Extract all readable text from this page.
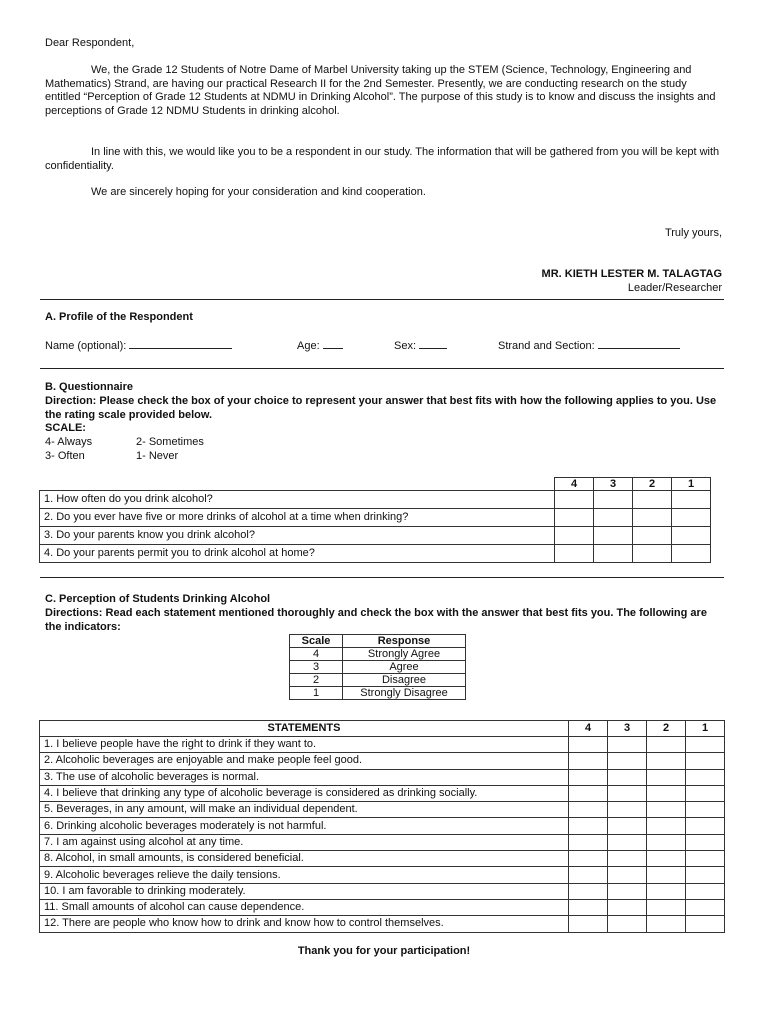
Dear Respondent,

We, the Grade 12 Students of Notre Dame of Marbel University taking up the STEM (Science, Technology, Engineering and Mathematics) Strand, are having our practical Research II for the 2nd Semester. Presently, we are conducting research on the study entitled “Perception of Grade 12 Students at NDMU in Drinking Alcohol”. The purpose of this study is to know and discuss the insights and perceptions of Grade 12 NDMU Students in drinking alcohol.

In line with this, we would like you to be a respondent in our study. The information that will be gathered from you will be kept with confidentiality.

We are sincerely hoping for your consideration and kind cooperation.

Truly yours,

MR. KIETH LESTER M. TALAGTAG

Leader/Researcher

A. Profile of the Respondent

Name (optional):	Age:	Sex:	Strand and Section:

B. Questionnaire

Direction: Please check the box of your choice to represent your answer that best fits with how the following applies to you. Use the rating scale provided below.

SCALE:

4- Always	2- Sometimes

3- Often	1- Never

	4	3	2	1
1. How often do you drink alcohol?				
2. Do you ever have five or more drinks of alcohol at a time when drinking?				
3. Do your parents know you drink alcohol?				
4. Do your parents permit you to drink alcohol at home?				

C. Perception of Students Drinking Alcohol

Directions: Read each statement mentioned thoroughly and check the box with the answer that best fits you. The following are the indicators:

Scale	Response
4	Strongly Agree
3	Agree
2	Disagree
1	Strongly Disagree
STATEMENTS	4	3	2	1
1. I believe people have the right to drink if they want to.				
2. Alcoholic beverages are enjoyable and make people feel good.				
3. The use of alcoholic beverages is normal.				
4. I believe that drinking any type of alcoholic beverage is considered as drinking socially.				
5. Beverages, in any amount, will make an individual dependent.				
6. Drinking alcoholic beverages moderately is not harmful.				
7. I am against using alcohol at any time.				
8. Alcohol, in small amounts, is considered beneficial.				
9. Alcoholic beverages relieve the daily tensions.				
10. I am favorable to drinking moderately.				
11. Small amounts of alcohol can cause dependence.				
12. There are people who know how to drink and know how to control themselves.				

Thank you for your participation!
